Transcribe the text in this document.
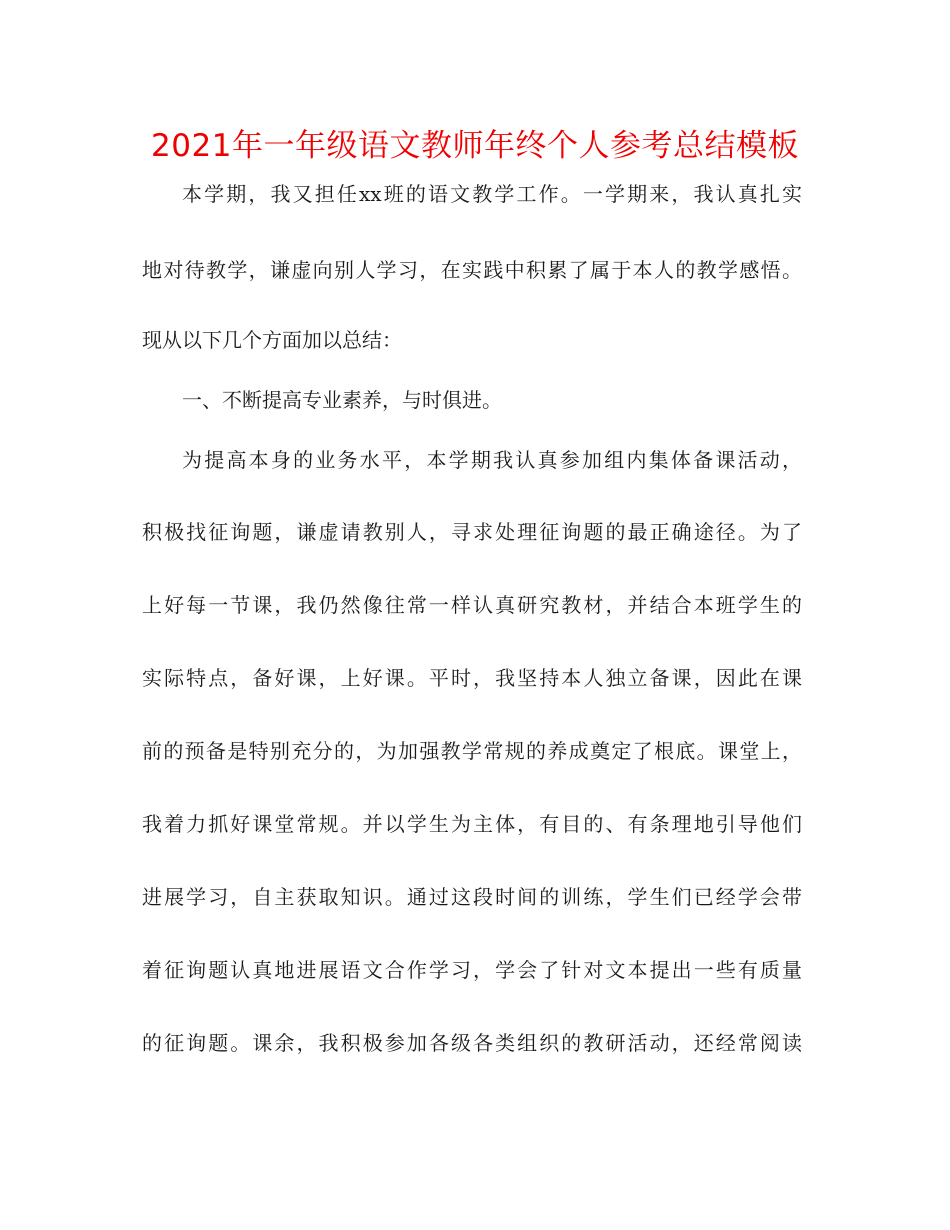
2021年一年级语文教师年终个人参考总结模板
本学期，我又担任xx班的语文教学工作。一学期来，我认真扎实
地对待教学，谦虚向别人学习，在实践中积累了属于本人的教学感悟。
现从以下几个方面加以总结：
一、不断提高专业素养，与时俱进。
为提高本身的业务水平，本学期我认真参加组内集体备课活动，
积极找征询题，谦虚请教别人，寻求处理征询题的最正确途径。为了
上好每一节课，我仍然像往常一样认真研究教材，并结合本班学生的
实际特点，备好课，上好课。平时，我坚持本人独立备课，因此在课
前的预备是特别充分的，为加强教学常规的养成奠定了根底。课堂上，
我着力抓好课堂常规。并以学生为主体，有目的、有条理地引导他们
进展学习，自主获取知识。通过这段时间的训练，学生们已经学会带
着征询题认真地进展语文合作学习，学会了针对文本提出一些有质量
的征询题。课余，我积极参加各级各类组织的教研活动，还经常阅读
